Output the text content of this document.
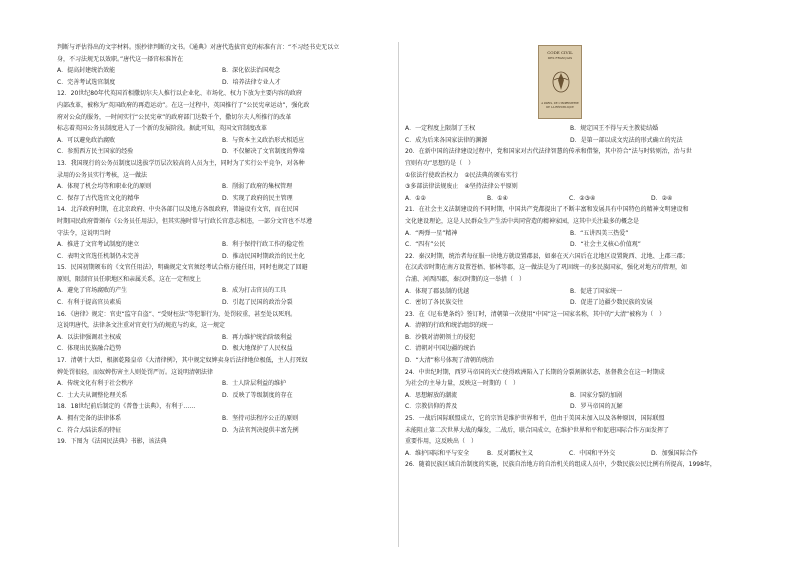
判断与评估得出的文字材料。照抄律判断的文书。《通典》对唐代选拔官吏的标准有言：“不习经书史无以立
身，不习法规无以效职。”唐代这一择官标准旨在
A．提高封建统治效能	B．深化依法治国观念
C．完善考试选官制度	D．培养法律专业人才
12．20世纪80年代英国首相撒切尔夫人推行以企业化、市场化、权力下放为主要内容的政府
内部改革，被称为“英国政府的再造运动”。在这一过程中，英国推行了“公民宪章运动”，强化政
府对公众的服务，一时间实行“公民宪章”的政府部门达数千个，撒切尔夫人所推行的改革
标志着英国公务员制度进入了一个新的发展阶段。据此可知，英国文官制度改革
A．可以避免政治腐败	B．与资本主义政治形式相适应
C．参照西方民主国家的经验	D．不仅解决了文官制度的弊端
13．我国现行的公务员制度以选拔学历层次较高的人员为主，同时为了实行公平竞争，对各种
录用的公务员实行考核，这一做法
A．体现了机会均等和职业化的原则	B．削弱了政府的集权管理
C．保存了古代选官文化的精华	D．实现了政府的民主管理
14．北洋政府时期，在北京政府、中央各部门以及地方各级政府，普遍设有文官，而在民国
时期国民政府曾颁布《公务员任用法》，但其实施时常与行政长官意志相违，一部分文官也不尽遵
守法令，这说明当时
A．推进了文官考试制度的建立	B．利于保持行政工作的稳定性
C．表明文官选任机制仍未完善	D．推动民国时期政治的民主化
15．民国初期颁布的《文官任用法》，明确规定文官须经考试合格方能任用，同时也规定了回避
原则，限制官员任职地区和亲属关系，这在一定程度上
A．避免了官场腐败的产生	B．成为打击官员的工具
C．有利于提高官员素质	D．引起了民国的政治分裂
16．《唐律》规定：官吏“监守自盗”、“受财枉法”等犯罪行为，处罚较重，甚至处以死刑。
这说明唐代，法律条文注重对官吏行为的规范与约束，这一规定
A．以法律强调君主权威	B．再力维护统治阶级利益
C．体现出民族融合趋势	D．极大地保护了人民权益
17．清朝十大臣，根据乾隆皇帝《大清律例》，其中规定奴婢卖身后法律地位极低，主人打死奴
婢处罚很轻，而奴婢伤害主人则处罚严厉。这说明清朝法律
A．传统文化有利于社会秩序	B．士人阶层利益的维护
C．士大夫从调整伦理关系	D．反映了等级制度的存在
18．18世纪前后制定的《普鲁士法典》，有利于……
A．拥有完备的法律体系	B．坚持司法程序公正的原则
C．符合大陆法系的特征	D．为法官判决提供丰富先例
19．下图为《法国民法典》书影，该法典
CODE CIVIL
DES FRANÇAIS
A PARIS, DE L'IMPRIMERIE DE LA RÉPUBLIQUE
A．一定程度上限制了王权	B．规定国王不得与天主教徒结婚
C．成为后来各国家法律的渊源	D．是第一部以成文宪法的形式确立的宪法
20．在新中国的法律建设过程中，党和国家对古代法律智慧的传承和借鉴，其中符合“法与时转则治，治与世
宜则有功”思想的是（　）
①依法行使政治权力　②民法典的颁布实行
③多部法律法规废止　④坚持法律公平原则
A．①②	B．①④	C．②③④	D．②④
21．在社会主义法制建设的不同时期，中国共产党都提出了不断丰富和发展具有中国特色的精神文明建设和
文化建设理论，这是人民群众生产生活中共同营造的精神家园，这其中关注最多的概念是
A．“两弹一星”精神	B．“五讲四美三热爱”
C．“四有”公民	D．“社会主义核心价值观”
22．秦汉时期，统治者每征服一块地方就设置郡县，如秦在灭六国后在北地区设置陇西、北地、上郡三郡；
在汉武帝时期在南方设置苍梧、郁林等郡，这一做法是为了巩固统一的多民族国家，强化对地方的管理，如
合浦、河西四郡，秦汉时期的这一举措（　）
A．体现了郡县制的优越	B．促进了国家统一
C．密切了各民族交往	D．促进了边疆少数民族的发展
23．在《尼布楚条约》签订时，清朝第一次使用“中国”这一国家名称，其中的“大清”被称为（　）
A．清朝的行政和统治组织的统一
B．沙俄对清朝领土的侵犯
C．清朝对中国边疆的统治
D．“大清”称号体现了清朝的统治
24．中世纪时期，西罗马帝国的灭亡使得欧洲陷入了长期的分裂割据状态，基督教会在这一时期成
为社会的主导力量，反映这一时期的（　）
A．思想解放的潮流	B．国家分裂的加剧
C．宗教信仰的普及	D．罗马帝国的瓦解
25．一战后国际联盟成立，它的宗旨是维护世界和平，但由于美国未加入以及各种原因，国际联盟
未能阻止第二次世界大战的爆发，二战后，联合国成立，在维护世界和平和促进国际合作方面发挥了
重要作用，这反映出（　）
A．维护国际和平与安全	B．反对霸权主义	C．中国和平外交	D．加强国际合作
26．随着民族区域自治制度的实施，民族自治地方的自治机关的组成人员中，少数民族公民比例有所提高，1998年，
